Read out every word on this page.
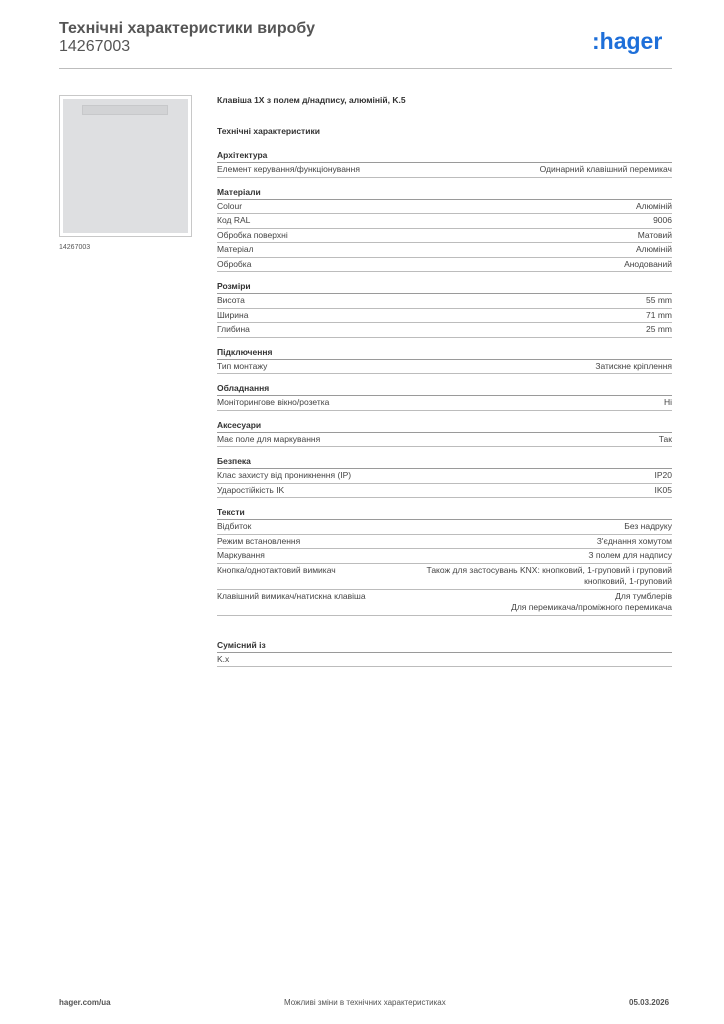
Технічні характеристики виробу
14267003	:hager
14267003
Клавіша 1X з полем д/надпису, алюміній, K.5
Технічні характеристики
Архітектура
Елемент керування/функціонування	Одинарний клавішний перемикач
Матеріали
Colour	Алюміній
Код RAL	9006
Обробка поверхні	Матовий
Матеріал	Алюміній
Обробка	Анодований
Розміри
Висота	55 mm
Ширина	71 mm
Глибина	25 mm
Підключення
Тип монтажу	Затискне кріплення
Обладнання
Моніторингове вікно/розетка	Ні
Аксесуари
Має поле для маркування	Так
Безпека
Клас захисту від проникнення (IP)	IP20
Ударостійкість IK	IK05
Тексти
Відбиток	Без надруку
Режим встановлення	З'єднання хомутом
Маркування	З полем для надпису
Кнопка/однотактовий вимикач	Також для застосувань KNX: кнопковий, 1-груповий і груповий
кнопковий, 1-груповий
Клавішний вимикач/натискна клавіша	Для тумблерів
Для перемикача/проміжного перемикача
Сумісний із
K.x
hager.com/ua	Можливі зміни в технічних характеристиках	05.03.2026
